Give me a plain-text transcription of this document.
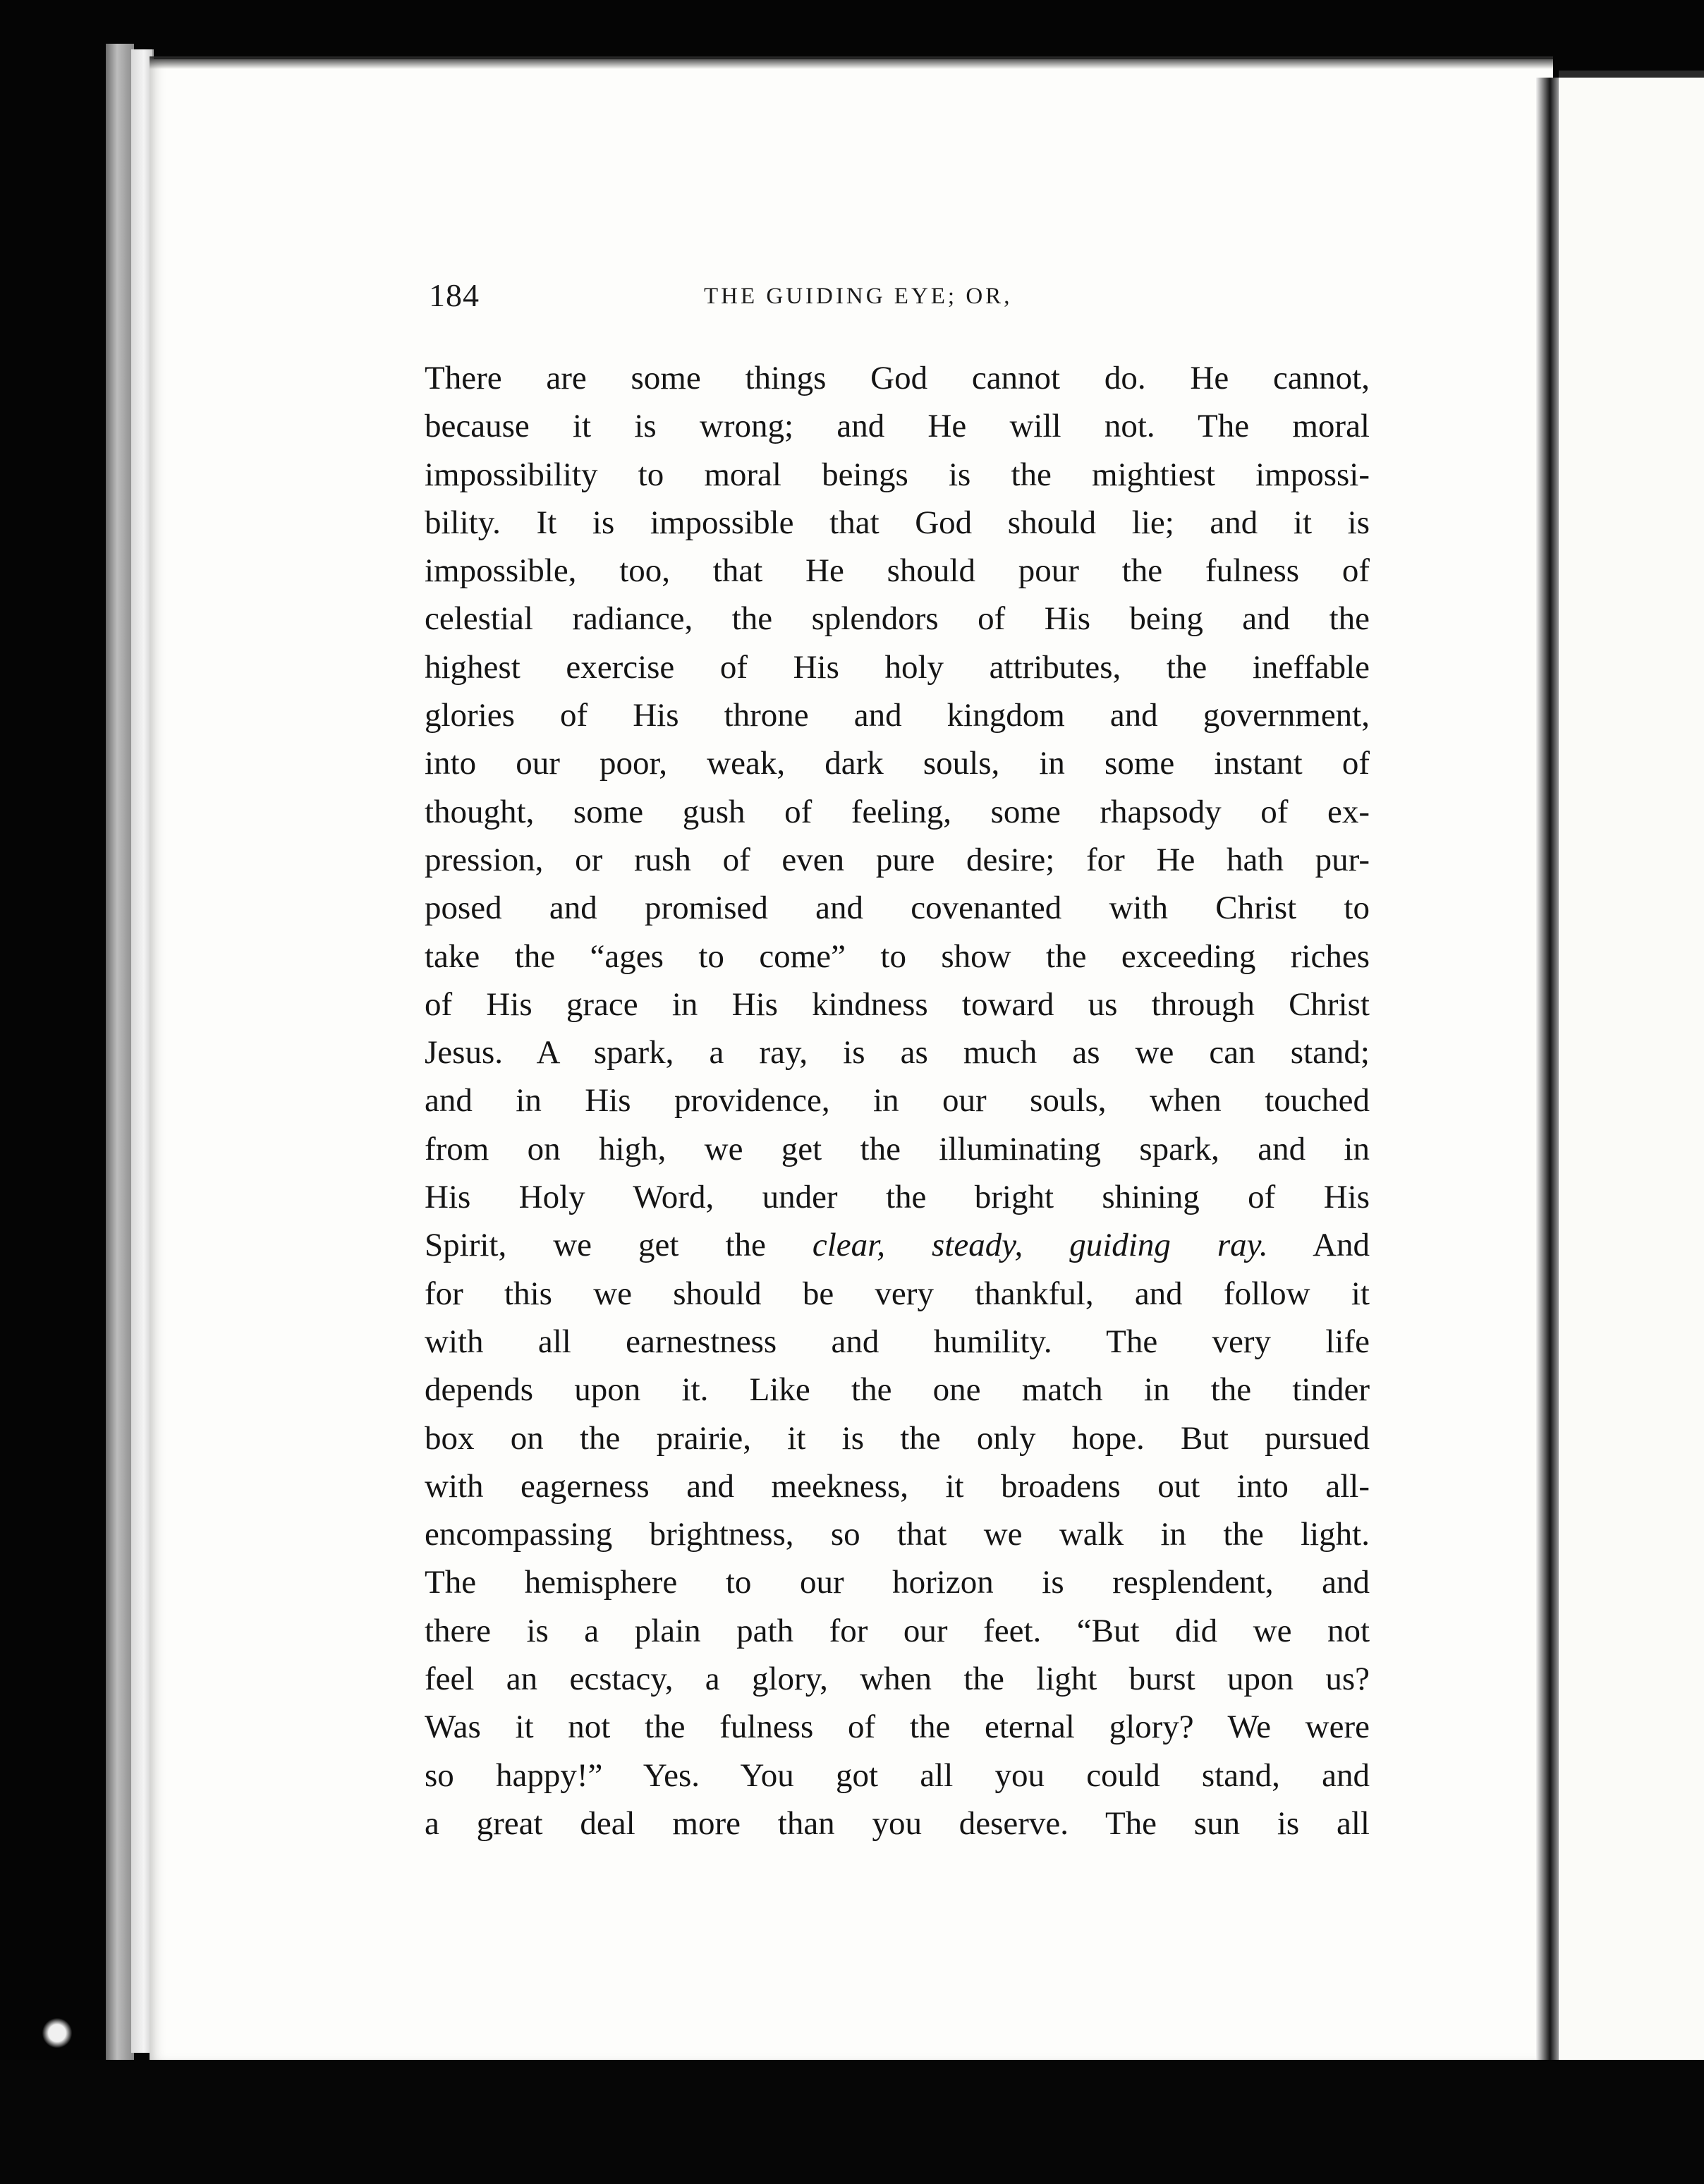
184	THE GUIDING EYE; OR,
There are some things God cannot do. He cannot,
because it is wrong; and He will not. The moral
impossibility to moral beings is the mightiest impossi-
bility. It is impossible that God should lie; and it is
impossible, too, that He should pour the fulness of
celestial radiance, the splendors of His being and the
highest exercise of His holy attributes, the ineffable
glories of His throne and kingdom and government,
into our poor, weak, dark souls, in some instant of
thought, some gush of feeling, some rhapsody of ex-
pression, or rush of even pure desire; for He hath pur-
posed and promised and covenanted with Christ to
take the “ages to come” to show the exceeding riches
of His grace in His kindness toward us through Christ
Jesus. A spark, a ray, is as much as we can stand;
and in His providence, in our souls, when touched
from on high, we get the illuminating spark, and in
His Holy Word, under the bright shining of His
Spirit, we get the clear, steady, guiding ray. And
for this we should be very thankful, and follow it
with all earnestness and humility. The very life
depends upon it. Like the one match in the tinder
box on the prairie, it is the only hope. But pursued
with eagerness and meekness, it broadens out into all-
encompassing brightness, so that we walk in the light.
The hemisphere to our horizon is resplendent, and
there is a plain path for our feet. “But did we not
feel an ecstacy, a glory, when the light burst upon us?
Was it not the fulness of the eternal glory? We were
so happy!” Yes. You got all you could stand, and
a great deal more than you deserve. The sun is all
